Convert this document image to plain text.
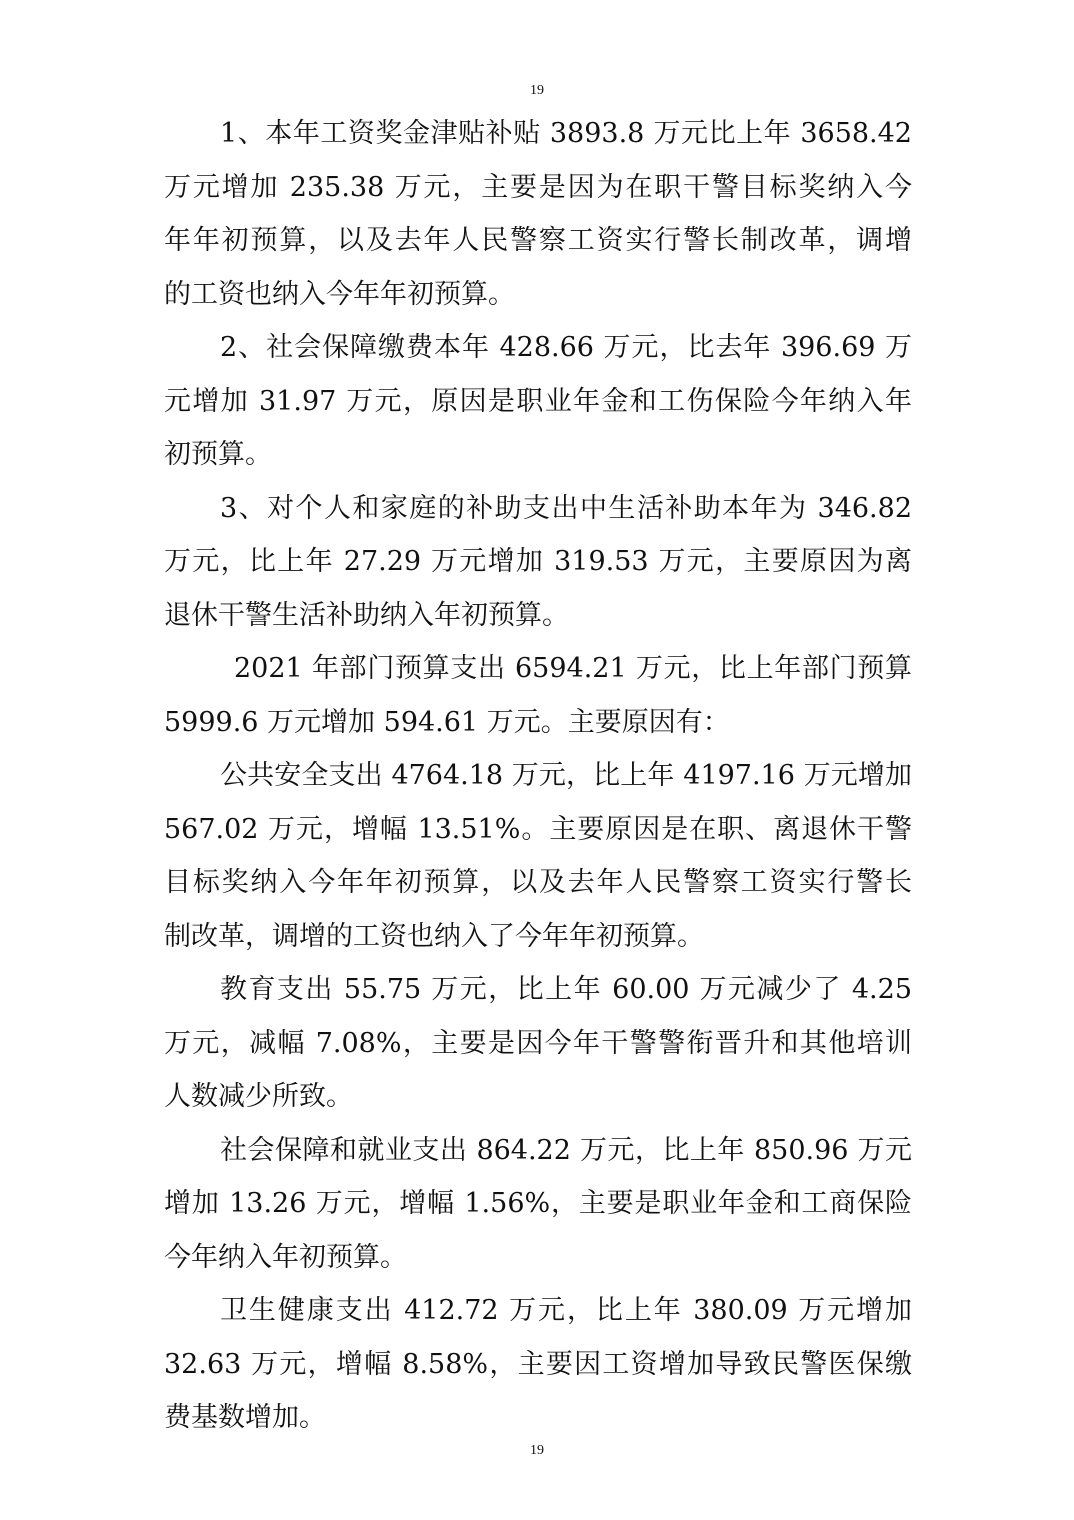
19
1、本年工资奖金津贴补贴 3893.8 万元比上年 3658.42
万元增加 235.38 万元，主要是因为在职干警目标奖纳入今
年年初预算，以及去年人民警察工资实行警长制改革，调增
的工资也纳入今年年初预算。
2、社会保障缴费本年 428.66 万元，比去年 396.69 万
元增加 31.97 万元，原因是职业年金和工伤保险今年纳入年
初预算。
3、对个人和家庭的补助支出中生活补助本年为 346.82
万元，比上年 27.29 万元增加 319.53 万元，主要原因为离
退休干警生活补助纳入年初预算。
2021 年部门预算支出 6594.21 万元，比上年部门预算
5999.6 万元增加 594.61 万元。主要原因有：
公共安全支出 4764.18 万元，比上年 4197.16 万元增加
567.02 万元，增幅 13.51%。主要原因是在职、离退休干警
目标奖纳入今年年初预算，以及去年人民警察工资实行警长
制改革，调增的工资也纳入了今年年初预算。
教育支出 55.75 万元，比上年 60.00 万元减少了 4.25
万元，减幅 7.08%，主要是因今年干警警衔晋升和其他培训
人数减少所致。
社会保障和就业支出 864.22 万元，比上年 850.96 万元
增加 13.26 万元，增幅 1.56%，主要是职业年金和工商保险
今年纳入年初预算。
卫生健康支出 412.72 万元，比上年 380.09 万元增加
32.63 万元，增幅 8.58%，主要因工资增加导致民警医保缴
费基数增加。
19
